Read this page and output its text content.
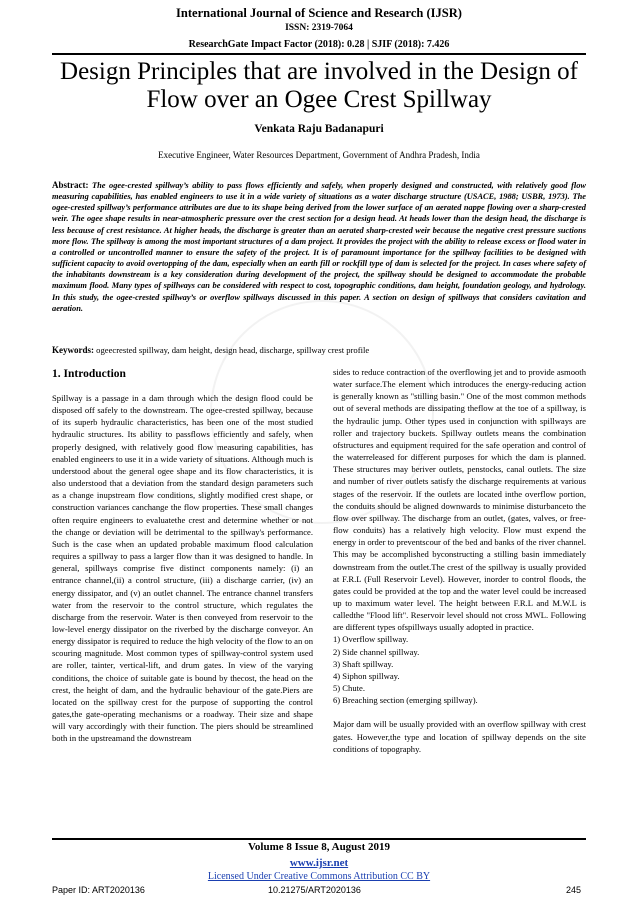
International Journal of Science and Research (IJSR)
ISSN: 2319-7064
ResearchGate Impact Factor (2018): 0.28 | SJIF (2018): 7.426
Design Principles that are involved in the Design of Flow over an Ogee Crest Spillway
Venkata Raju Badanapuri
Executive Engineer, Water Resources Department, Government of Andhra Pradesh, India
Abstract: The ogee-crested spillway’s ability to pass flows efficiently and safely, when properly designed and constructed, with relatively good flow measuring capabilities, has enabled engineers to use it in a wide variety of situations as a water discharge structure (USACE, 1988; USBR, 1973). The ogee-crested spillway’s performance attributes are due to its shape being derived from the lower surface of an aerated nappe flowing over a sharp-crested weir. The ogee shape results in near-atmospheric pressure over the crest section for a design head. At heads lower than the design head, the discharge is less because of crest resistance. At higher heads, the discharge is greater than an aerated sharp-crested weir because the negative crest pressure suctions more flow. The spillway is among the most important structures of a dam project. It provides the project with the ability to release excess or flood water in a controlled or uncontrolled manner to ensure the safety of the project. It is of paramount importance for the spillway facilities to be designed with sufficient capacity to avoid overtopping of the dam, especially when an earth fill or rockfill type of dam is selected for the project. In cases where safety of the inhabitants downstream is a key consideration during development of the project, the spillway should be designed to accommodate the probable maximum flood. Many types of spillways can be considered with respect to cost, topographic conditions, dam height, foundation geology, and hydrology. In this study, the ogee-crested spillway’s or overflow spillways discussed in this paper. A section on design of spillways that considers cavitation and aeration.
Keywords: ogeecrested spillway, dam height, design head, discharge, spillway crest profile
1. Introduction

Spillway is a passage in a dam through which the design flood could be disposed off safely to the downstream. The ogee-crested spillway, because of its superb hydraulic characteristics, has been one of the most studied hydraulic structures. Its ability to passflows efficiently and safely, when properly designed, with relatively good flow measuring capabilities, has enabled engineers to use it in a wide variety of situations. Although much is understood about the general ogee shape and its flow characteristics, it is also understood that a deviation from the standard design parameters such as a change inupstream flow conditions, slightly modified crest shape, or construction variances canchange the flow properties. These small changes often require engineers to evaluatethe crest and determine whether or not the change or deviation will be detrimental to the spillway's performance. Such is the case when an updated probable maximum flood calculation requires a spillway to pass a larger flow than it was designed to handle. In general, spillways comprise five distinct components namely: (i) an entrance channel,(ii) a control structure, (iii) a discharge carrier, (iv) an energy dissipator, and (v) an outlet channel. The entrance channel transfers water from the reservoir to the control structure, which regulates the discharge from the reservoir. Water is then conveyed from reservoir to the low-level energy dissipator on the riverbed by the discharge conveyor. An energy dissipator is required to reduce the high velocity of the flow to an on scouring magnitude. Most common types of spillway-control system used are roller, tainter, vertical-lift, and drum gates. In view of the varying conditions, the choice of suitable gate is bound by thecost, the head on the crest, the height of dam, and the hydraulic behaviour of the gate.Piers are located on the spillway crest for the purpose of supporting the control gates,the gate-operating mechanisms or a roadway. Their size and shape will vary accordingly with their function. The piers should be streamlined both in the upstreamand the downstream

sides to reduce contraction of the overflowing jet and to provide asmooth water surface.The element which introduces the energy-reducing action is generally known as "stilling basin." One of the most common methods out of several methods are dissipating theflow at the toe of a spillway, is the hydraulic jump. Other types used in conjunction with spillways are roller and trajectory buckets. Spillway outlets means the combination ofstructures and equipment required for the safe operation and control of the waterreleased for different purposes for which the dam is planned. These structures may beriver outlets, penstocks, canal outlets. The size and number of river outlets satisfy the discharge requirements at various stages of the reservoir. If the outlets are located inthe overflow portion, the conduits should be aligned downwards to minimise disturbanceto the flow over spillway. The discharge from an outlet, (gates, valves, or free-flow conduits) has a relatively high velocity. Flow must expend the energy in order to preventscour of the bed and banks of the river channel. This may be accomplished byconstructing a stilling basin immediately downstream from the outlet.The crest of the spillway is usually provided at F.R.L (Full Reservoir Level). However, inorder to control floods, the gates could be provided at the top and the water level could be increased up to maximum water level. The height between F.R.L and M.W.L is calledthe "Flood lift". Reservoir level should not cross MWL. Following are different types ofspillways usually adopted in practice.

1) Overflow spillway.
2) Side channel spillway.
3) Shaft spillway.
4) Siphon spillway.
5) Chute.
6) Breaching section (emerging spillway).

Major dam will be usually provided with an overflow spillway with crest gates. However,the type and location of spillway depends on the site conditions of topography.

Volume 8 Issue 8, August 2019
www.ijsr.net
Licensed Under Creative Commons Attribution CC BY
Paper ID: ART2020136	10.21275/ART2020136	245
